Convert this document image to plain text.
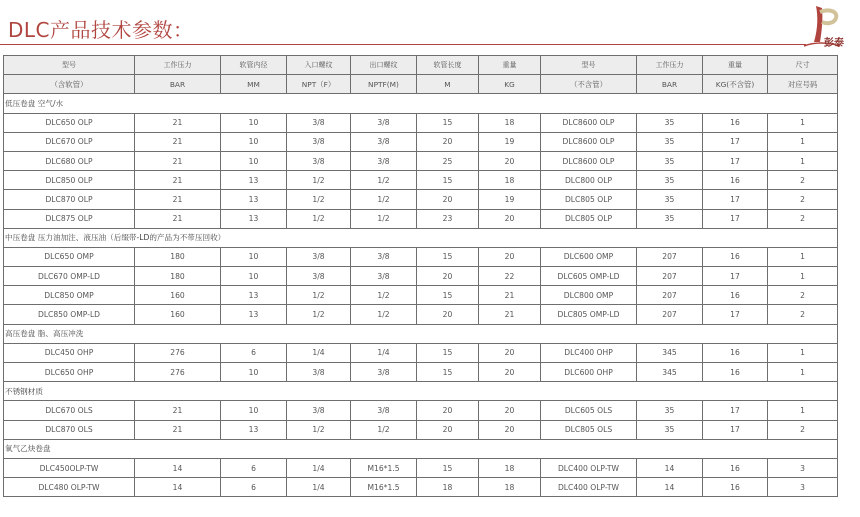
DLC产品技术参数：
彭泰
型号	工作压力	软管内径	入口螺纹	出口螺纹	软管长度	重量	型号	工作压力	重量	尺寸
（含软管）	BAR	MM	NPT（F）	NPTF(M)	M	KG	（不含管）	BAR	KG(不含管)	对应号码
低压卷盘 空气/水										
DLC650 OLP	21	10	3/8	3/8	15	18	DLC8600 OLP	35	16	1
DLC670 OLP	21	10	3/8	3/8	20	19	DLC8600 OLP	35	17	1
DLC680 OLP	21	10	3/8	3/8	25	20	DLC8600 OLP	35	17	1
DLC850 OLP	21	13	1/2	1/2	15	18	DLC800 OLP	35	16	2
DLC870 OLP	21	13	1/2	1/2	20	19	DLC805 OLP	35	17	2
DLC875 OLP	21	13	1/2	1/2	23	20	DLC805 OLP	35	17	2
中压卷盘 压力油加注、液压油（后缀带-LD的产品为不带压回收）										
DLC650 OMP	180	10	3/8	3/8	15	20	DLC600 OMP	207	16	1
DLC670 OMP-LD	180	10	3/8	3/8	20	22	DLC605 OMP-LD	207	17	1
DLC850 OMP	160	13	1/2	1/2	15	21	DLC800 OMP	207	16	2
DLC850 OMP-LD	160	13	1/2	1/2	20	21	DLC805 OMP-LD	207	17	2
高压卷盘 脂、高压冲洗										
DLC450 OHP	276	6	1/4	1/4	15	20	DLC400 OHP	345	16	1
DLC650 OHP	276	10	3/8	3/8	15	20	DLC600 OHP	345	16	1
不锈钢材质										
DLC670 OLS	21	10	3/8	3/8	20	20	DLC605 OLS	35	17	1
DLC870 OLS	21	13	1/2	1/2	20	20	DLC805 OLS	35	17	2
氧气乙炔卷盘										
DLC450OLP-TW	14	6	1/4	M16*1.5	15	18	DLC400 OLP-TW	14	16	3
DLC480 OLP-TW	14	6	1/4	M16*1.5	18	18	DLC400 OLP-TW	14	16	3
